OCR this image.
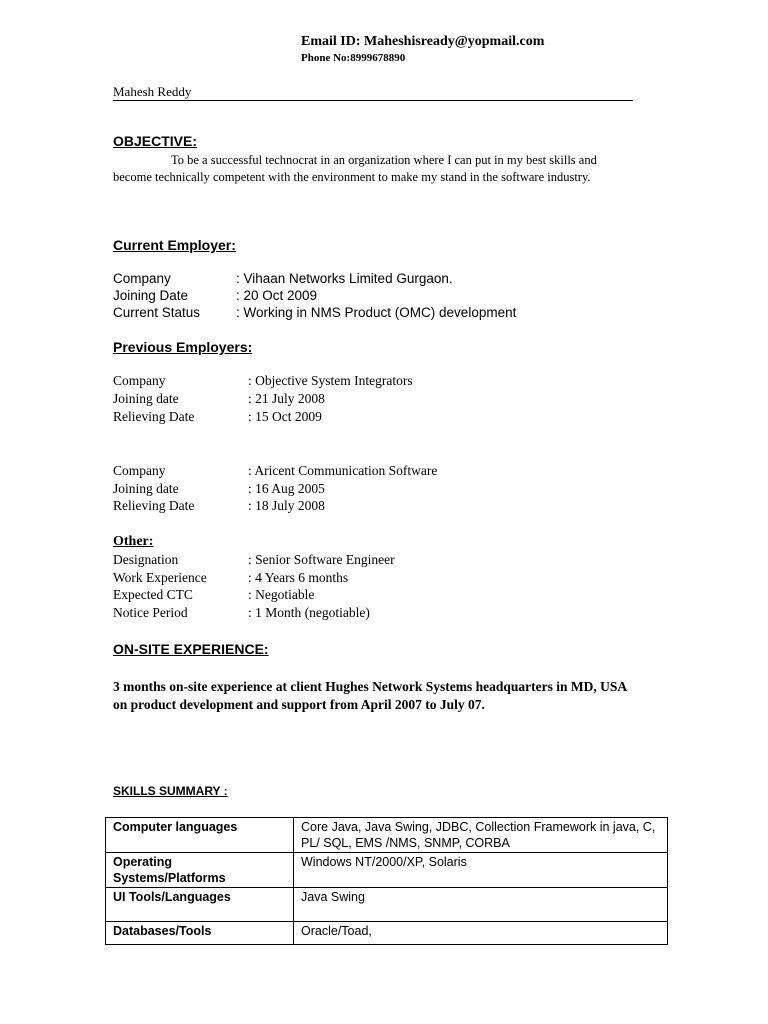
Email ID: Maheshisready@yopmail.com
Phone No:8999678890
Mahesh Reddy
OBJECTIVE:
To be a successful technocrat in an organization where I can put in my best skills and become technically competent with the environment to make my stand in the software industry.
Current Employer:
Company	: Vihaan Networks Limited Gurgaon.
Joining Date	: 20 Oct 2009
Current Status	: Working in NMS Product (OMC) development
Previous Employers:
Company	: Objective System Integrators
Joining date	: 21 July 2008
Relieving Date	: 15 Oct 2009
Company	: Aricent Communication Software
Joining date	: 16 Aug 2005
Relieving Date	: 18 July 2008
Other:
Designation	: Senior Software Engineer
Work Experience	: 4 Years 6 months
Expected CTC	: Negotiable
Notice Period	: 1 Month (negotiable)
ON-SITE EXPERIENCE:
3 months on-site experience at client Hughes Network Systems headquarters in MD, USA on product development and support from April 2007 to July 07.
SKILLS SUMMARY :
Computer languages	Core Java, Java Swing, JDBC, Collection Framework in java, C, PL/ SQL, EMS /NMS, SNMP, CORBA
Operating Systems/Platforms	Windows NT/2000/XP, Solaris
UI Tools/Languages	Java Swing
Databases/Tools	Oracle/Toad,
